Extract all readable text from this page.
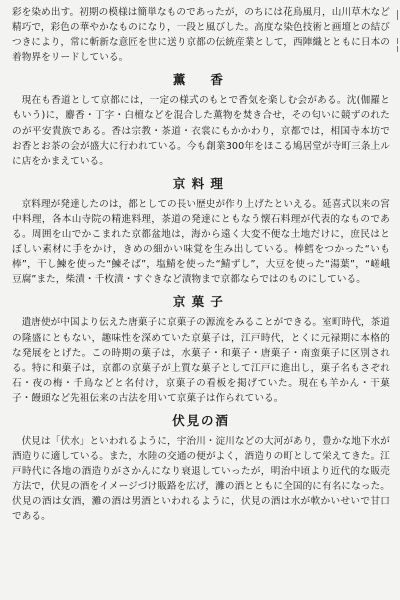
彩を染め出す。初期の模様は簡単なものであったが，のちには花鳥風月，山川草木など精巧で，彩色の華やかなものになり，一段と風びした。高度な染色技術と画壇との結びつきにより，常に斬新な意匠を世に送り京都の伝統産業として，西陣織とともに日本の着物界をリードしている。

薫　香

現在も香道として京都には，一定の様式のもとで香気を楽しむ会がある。沈(伽羅ともいう)に，麝香・丁字・白檀などを混合した薫物を焚き合せ，その匂いに競ずのれたのが平安貴族である。香は宗教・茶道・衣裳にもかかわり，京都では，相国寺本坊でお香とお茶の会が盛大に行われている。今も創業300年をほこる鳩居堂が寺町三条上ルに店をかまえている。

京料理

京料理が発達したのは，都としての長い歴史が作り上げたといえる。延喜式以来の宮中料理，各本山寺院の精進料理，茶道の発達にともなう懐石料理が代表的なものである。周囲を山でかこまれた京都盆地は，海から遠く大変不便な土地だけに，庶民はとぼしい素材に手をかけ，きめの細かい味覚を生み出している。棒鱈をつかった“いも棒”，干し鰊を使った“鰊そば”，塩鯖を使った“鯖ずし”，大豆を使った“湯葉”，“嵯峨豆腐”また，柴漬・千枚漬・すぐきなど漬物まで京都ならではのものにしている。

京菓子

遣唐使が中国より伝えた唐菓子に京菓子の源流をみることができる。室町時代，茶道の隆盛にともない，趣味性を深めていた京菓子は，江戸時代，とくに元禄期に本格的な発展をとげた。この時期の菓子は，水菓子・和菓子・唐菓子・南蛮菓子に区別される。特に和菓子は，京都の京菓子が上質な菓子として江戸に進出し，菓子名もさぞれ石・夜の梅・千鳥などと名付け，京菓子の看板を掲げていた。現在も羊かん・干菓子・饅頭など先祖伝来の古法を用いて京菓子は作られている。

伏見の酒

伏見は「伏水」といわれるように，宇治川・淀川などの大河があり，豊かな地下水が酒造りに適している。また，水陸の交通の便がよく，酒造りの町として栄えてきた。江戸時代に各地の酒造りがさかんになり衰退していったが，明治中頃より近代的な販売方法で，伏見の酒をイメージづけ販路を広げ，灘の酒とともに全国的に有名になった。伏見の酒は女酒，灘の酒は男酒といわれるように，伏見の酒は水が軟かいせいで甘口である。
